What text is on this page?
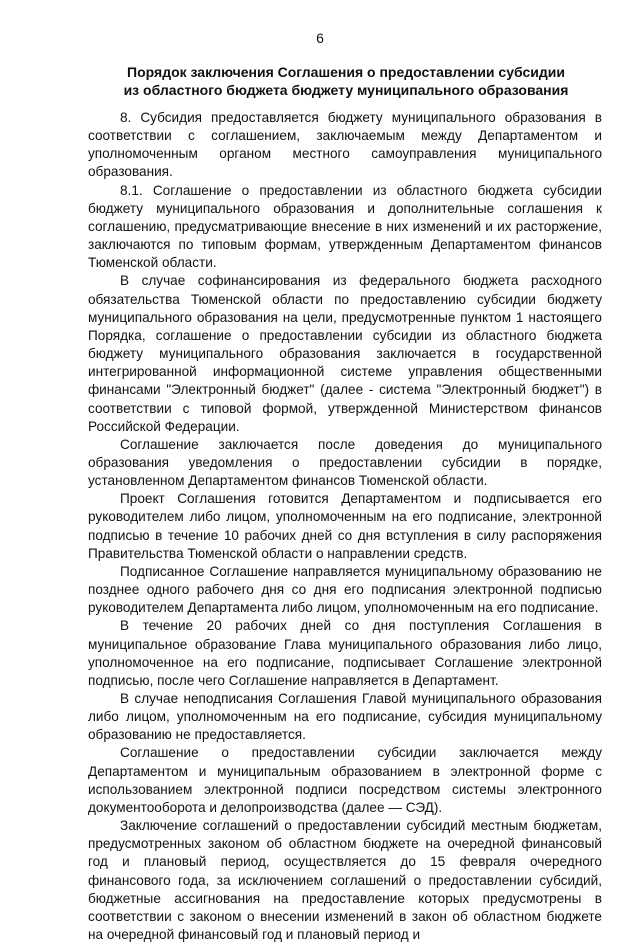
6
Порядок заключения Соглашения о предоставлении субсидии
из областного бюджета бюджету муниципального образования

8. Субсидия предоставляется бюджету муниципального образования в соответствии с соглашением, заключаемым между Департаментом и уполномоченным органом местного самоуправления муниципального образования.

8.1. Соглашение о предоставлении из областного бюджета субсидии бюджету муниципального образования и дополнительные соглашения к соглашению, предусматривающие внесение в них изменений и их расторжение, заключаются по типовым формам, утвержденным Департаментом финансов Тюменской области.

В случае софинансирования из федерального бюджета расходного обязательства Тюменской области по предоставлению субсидии бюджету муниципального образования на цели, предусмотренные пунктом 1 настоящего Порядка, соглашение о предоставлении субсидии из областного бюджета бюджету муниципального образования заключается в государственной интегрированной информационной системе управления общественными финансами "Электронный бюджет" (далее - система "Электронный бюджет") в соответствии с типовой формой, утвержденной Министерством финансов Российской Федерации.

Соглашение заключается после доведения до муниципального образования уведомления о предоставлении субсидии в порядке, установленном Департаментом финансов Тюменской области.

Проект Соглашения готовится Департаментом и подписывается его руководителем либо лицом, уполномоченным на его подписание, электронной подписью в течение 10 рабочих дней со дня вступления в силу распоряжения Правительства Тюменской области о направлении средств.

Подписанное Соглашение направляется муниципальному образованию не позднее одного рабочего дня со дня его подписания электронной подписью руководителем Департамента либо лицом, уполномоченным на его подписание.

В течение 20 рабочих дней со дня поступления Соглашения в муниципальное образование Глава муниципального образования либо лицо, уполномоченное на его подписание, подписывает Соглашение электронной подписью, после чего Соглашение направляется в Департамент.

В случае неподписания Соглашения Главой муниципального образования либо лицом, уполномоченным на его подписание, субсидия муниципальному образованию не предоставляется.

Соглашение о предоставлении субсидии заключается между Департаментом и муниципальным образованием в электронной форме с использованием электронной подписи посредством системы электронного документооборота и делопроизводства (далее — СЭД).

Заключение соглашений о предоставлении субсидий местным бюджетам, предусмотренных законом об областном бюджете на очередной финансовый год и плановый период, осуществляется до 15 февраля очередного финансового года, за исключением соглашений о предоставлении субсидий, бюджетные ассигнования на предоставление которых предусмотрены в соответствии с законом о внесении изменений в закон об областном бюджете на очередной финансовый год и плановый период и
